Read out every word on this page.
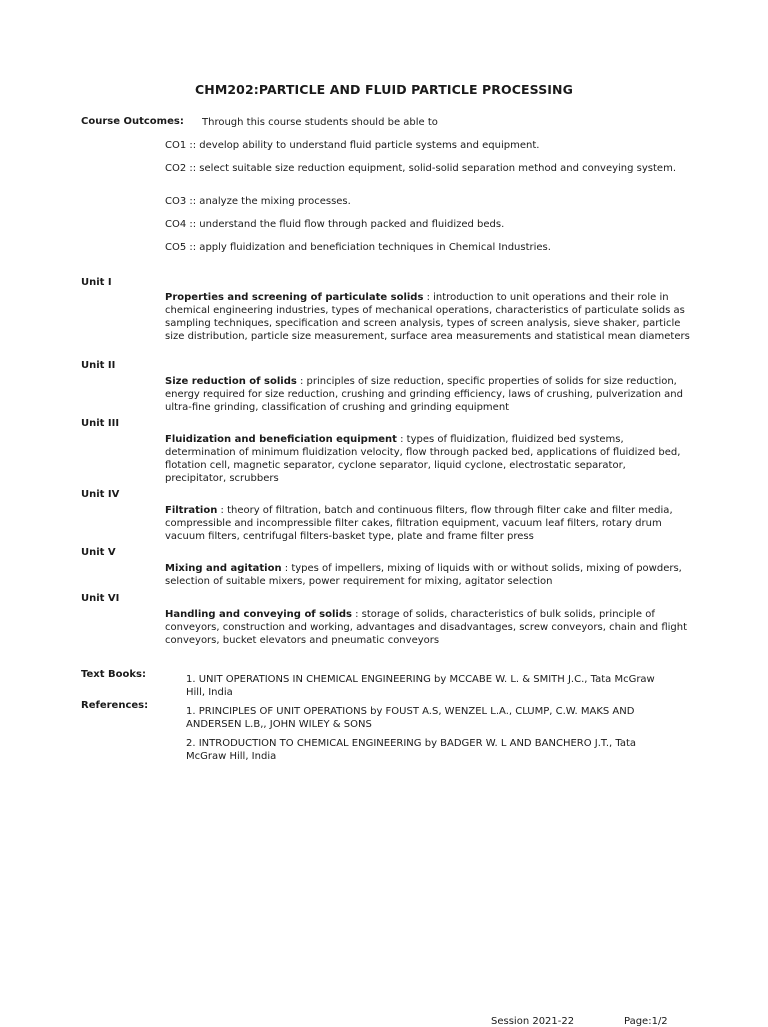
CHM202:PARTICLE AND FLUID PARTICLE PROCESSING
Course Outcomes: Through this course students should be able to
CO1 :: develop ability to understand fluid particle systems and equipment.
CO2 :: select suitable size reduction equipment, solid-solid separation method and conveying system.
CO3 :: analyze the mixing processes.
CO4 :: understand the fluid flow through packed and fluidized beds.
CO5 :: apply fluidization and beneficiation techniques in Chemical Industries.
Unit I
Properties and screening of particulate solids : introduction to unit operations and their role in chemical engineering industries, types of mechanical operations, characteristics of particulate solids as sampling techniques, specification and screen analysis, types of screen analysis, sieve shaker, particle size distribution, particle size measurement, surface area measurements and statistical mean diameters
Unit II
Size reduction of solids : principles of size reduction, specific properties of solids for size reduction, energy required for size reduction, crushing and grinding efficiency, laws of crushing, pulverization and ultra-fine grinding, classification of crushing and grinding equipment
Unit III
Fluidization and beneficiation equipment : types of fluidization, fluidized bed systems, determination of minimum fluidization velocity, flow through packed bed, applications of fluidized bed, flotation cell, magnetic separator, cyclone separator, liquid cyclone, electrostatic separator, precipitator, scrubbers
Unit IV
Filtration : theory of filtration, batch and continuous filters, flow through filter cake and filter media, compressible and incompressible filter cakes, filtration equipment, vacuum leaf filters, rotary drum vacuum filters, centrifugal filters-basket type, plate and frame filter press
Unit V
Mixing and agitation : types of impellers, mixing of liquids with or without solids, mixing of powders, selection of suitable mixers, power requirement for mixing, agitator selection
Unit VI
Handling and conveying of solids : storage of solids, characteristics of bulk solids, principle of conveyors, construction and working, advantages and disadvantages, screw conveyors, chain and flight conveyors, bucket elevators and pneumatic conveyors
Text Books:	1. UNIT OPERATIONS IN CHEMICAL ENGINEERING by MCCABE W. L. & SMITH J.C., Tata McGraw Hill, India
References:
1. PRINCIPLES OF UNIT OPERATIONS by FOUST A.S, WENZEL L.A., CLUMP, C.W. MAKS AND ANDERSEN L.B,, JOHN WILEY & SONS
2. INTRODUCTION TO CHEMICAL ENGINEERING by BADGER W. L AND BANCHERO J.T., Tata McGraw Hill, India
Session 2021-22	Page:1/2
